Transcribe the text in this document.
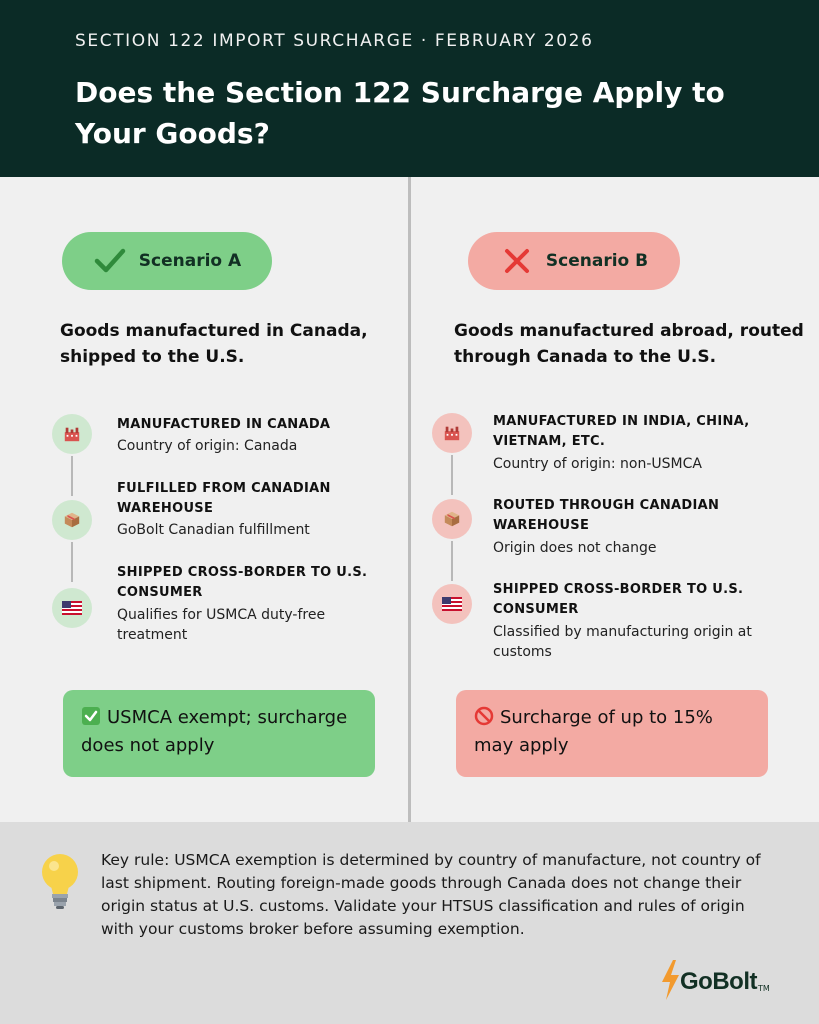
SECTION 122 IMPORT SURCHARGE · FEBRUARY 2026
Does the Section 122 Surcharge Apply to Your Goods?
Scenario A
Goods manufactured in Canada, shipped to the U.S.
MANUFACTURED IN CANADA
Country of origin: Canada
FULFILLED FROM CANADIAN WAREHOUSE
GoBolt Canadian fulfillment
SHIPPED CROSS-BORDER TO U.S. CONSUMER
Qualifies for USMCA duty-free treatment
USMCA exempt; surcharge does not apply
Scenario B
Goods manufactured abroad, routed through Canada to the U.S.
MANUFACTURED IN INDIA, CHINA, VIETNAM, ETC.
Country of origin: non-USMCA
ROUTED THROUGH CANADIAN WAREHOUSE
Origin does not change
SHIPPED CROSS-BORDER TO U.S. CONSUMER
Classified by manufacturing origin at customs
Surcharge of up to 15% may apply
Key rule: USMCA exemption is determined by country of manufacture, not country of last shipment. Routing foreign-made goods through Canada does not change their origin status at U.S. customs. Validate your HTSUS classification and rules of origin with your customs broker before assuming exemption.
GoBolt TM
